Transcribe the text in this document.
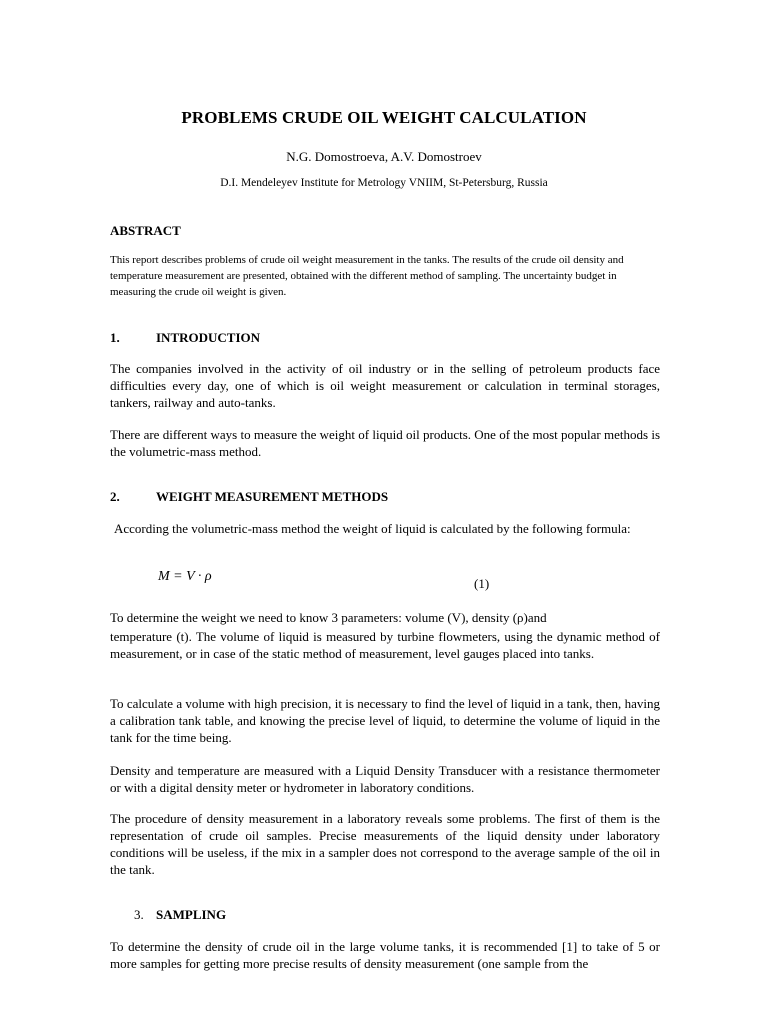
PROBLEMS CRUDE OIL WEIGHT CALCULATION
N.G. Domostroeva, A.V. Domostroev
D.I. Mendeleyev Institute for Metrology VNIIM, St-Petersburg, Russia
ABSTRACT

This report describes problems of crude oil weight measurement in the tanks. The results of the crude oil density and temperature measurement are presented, obtained with the different method of sampling. The uncertainty budget in measuring the crude oil weight is given.

1.	INTRODUCTION

The companies involved in the activity of oil industry or in the selling of petroleum products face difficulties every day, one of which is oil weight measurement or calculation in terminal storages, tankers, railway and auto-tanks.

There are different ways to measure the weight of liquid oil products. One of the most popular methods is the volumetric-mass method.

2.	WEIGHT MEASUREMENT METHODS

According the volumetric-mass method the weight of liquid is calculated by the following formula:

M = V · ρ	(1)

To determine the weight we need to know 3 parameters: volume (V), density (ρ)and
temperature (t). The volume of liquid is measured by turbine flowmeters, using the dynamic method of measurement, or in case of the static method of measurement, level gauges placed into tanks.

To calculate a volume with high precision, it is necessary to find the level of liquid in a tank, then, having a calibration tank table, and knowing the precise level of liquid, to determine the volume of liquid in the tank for the time being.

Density and temperature are measured with a Liquid Density Transducer with a resistance thermometer or with a digital density meter or hydrometer in laboratory conditions.

The procedure of density measurement in a laboratory reveals some problems. The first of them is the representation of crude oil samples. Precise measurements of the liquid density under laboratory conditions will be useless, if the mix in a sampler does not correspond to the average sample of the oil in the tank.

3. SAMPLING

To determine the density of crude oil in the large volume tanks, it is recommended [1] to take of 5 or more samples for getting more precise results of density measurement (one sample from the
